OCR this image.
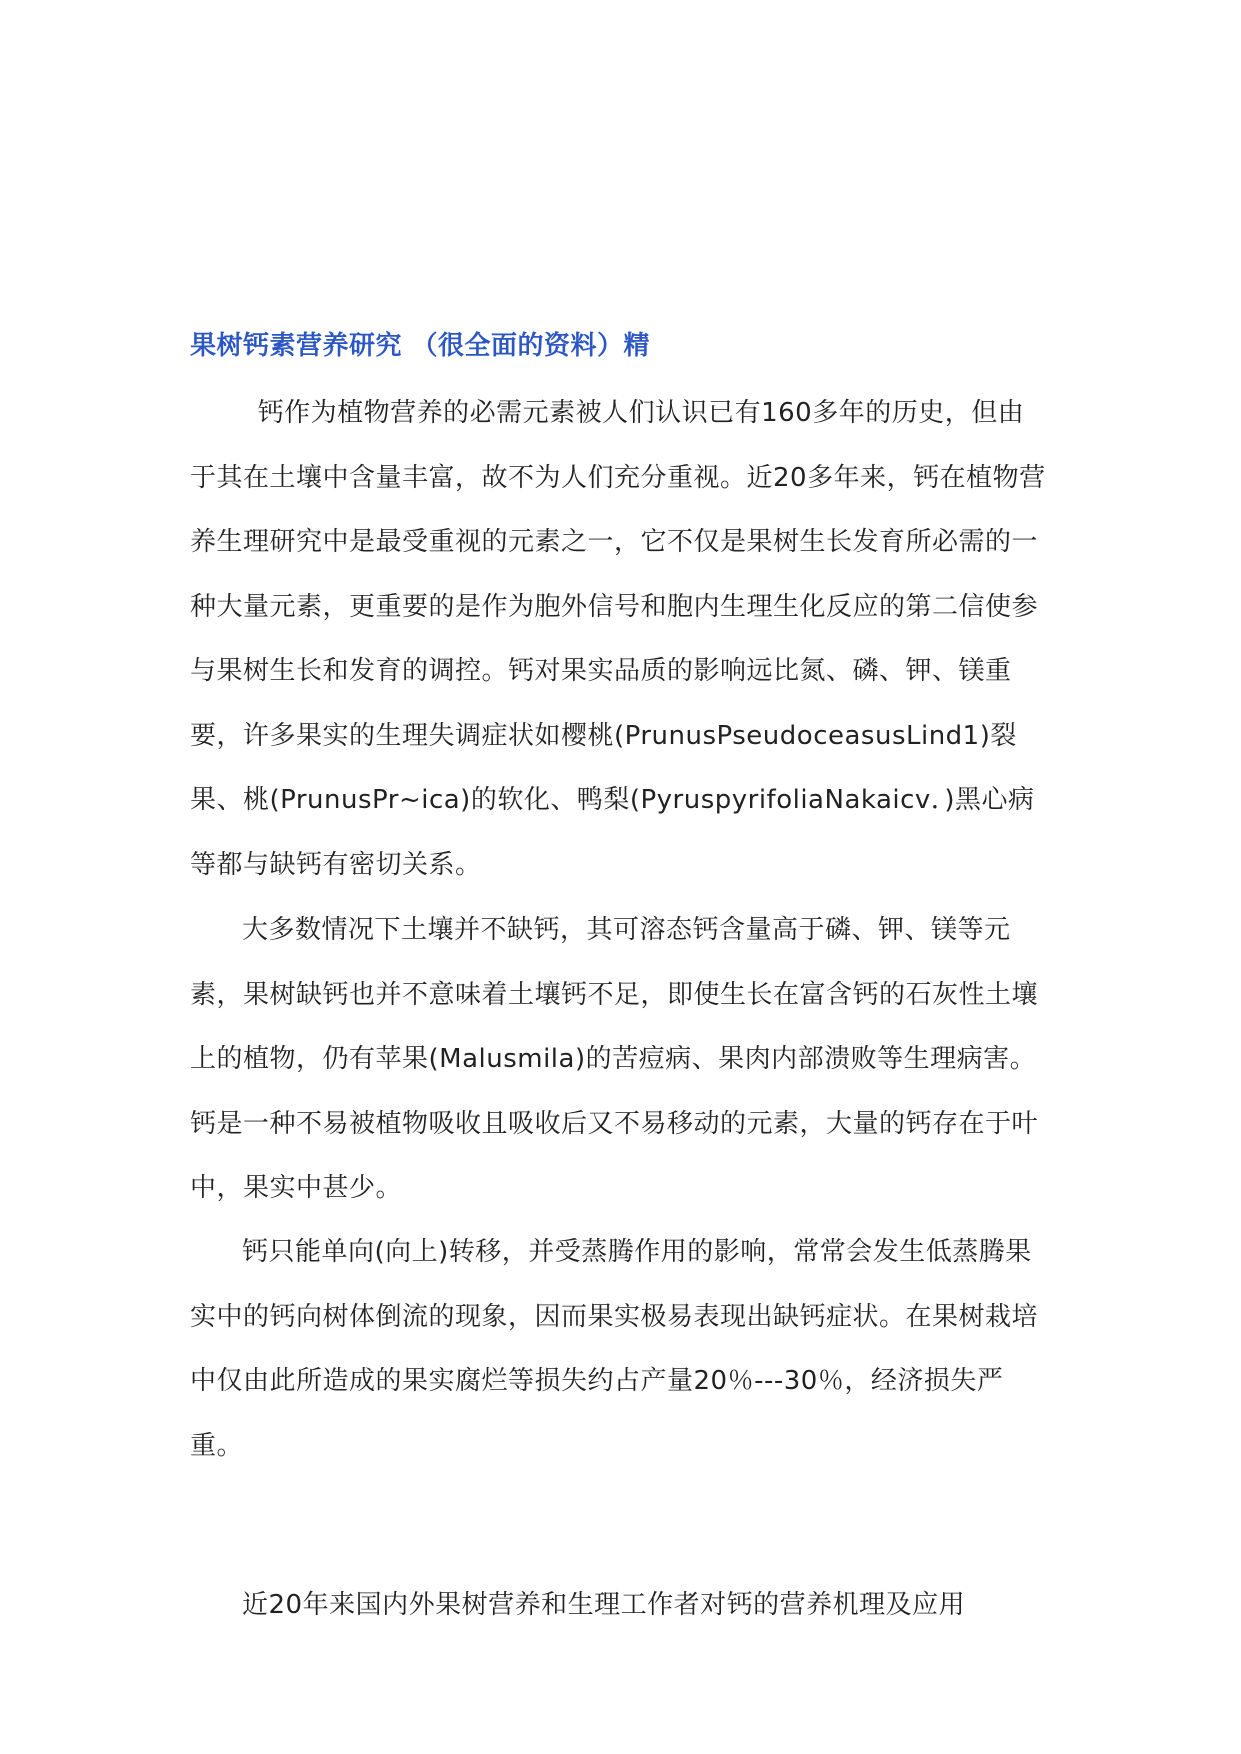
果树钙素营养研究 （很全面的资料）精

钙作为植物营养的必需元素被人们认识已有160多年的历史，但由于其在土壤中含量丰富，故不为人们充分重视。近20多年来，钙在植物营养生理研究中是最受重视的元素之一，它不仅是果树生长发育所必需的一种大量元素，更重要的是作为胞外信号和胞内生理生化反应的第二信使参与果树生长和发育的调控。钙对果实品质的影响远比氮、磷、钾、镁重要，许多果实的生理失调症状如樱桃(PrunusPseudoceasusLind1)裂果、桃(PrunusPr~ica)的软化、鸭梨(PyruspyrifoliaNakaicv．)黑心病等都与缺钙有密切关系。

大多数情况下土壤并不缺钙，其可溶态钙含量高于磷、钾、镁等元素，果树缺钙也并不意味着土壤钙不足，即使生长在富含钙的石灰性土壤上的植物，仍有苹果(Malusmila)的苦痘病、果肉内部溃败等生理病害。钙是一种不易被植物吸收且吸收后又不易移动的元素，大量的钙存在于叶中，果实中甚少。

钙只能单向(向上)转移，并受蒸腾作用的影响，常常会发生低蒸腾果实中的钙向树体倒流的现象，因而果实极易表现出缺钙症状。在果树栽培中仅由此所造成的果实腐烂等损失约占产量20％---30％，经济损失严重。

近20年来国内外果树营养和生理工作者对钙的营养机理及应用
